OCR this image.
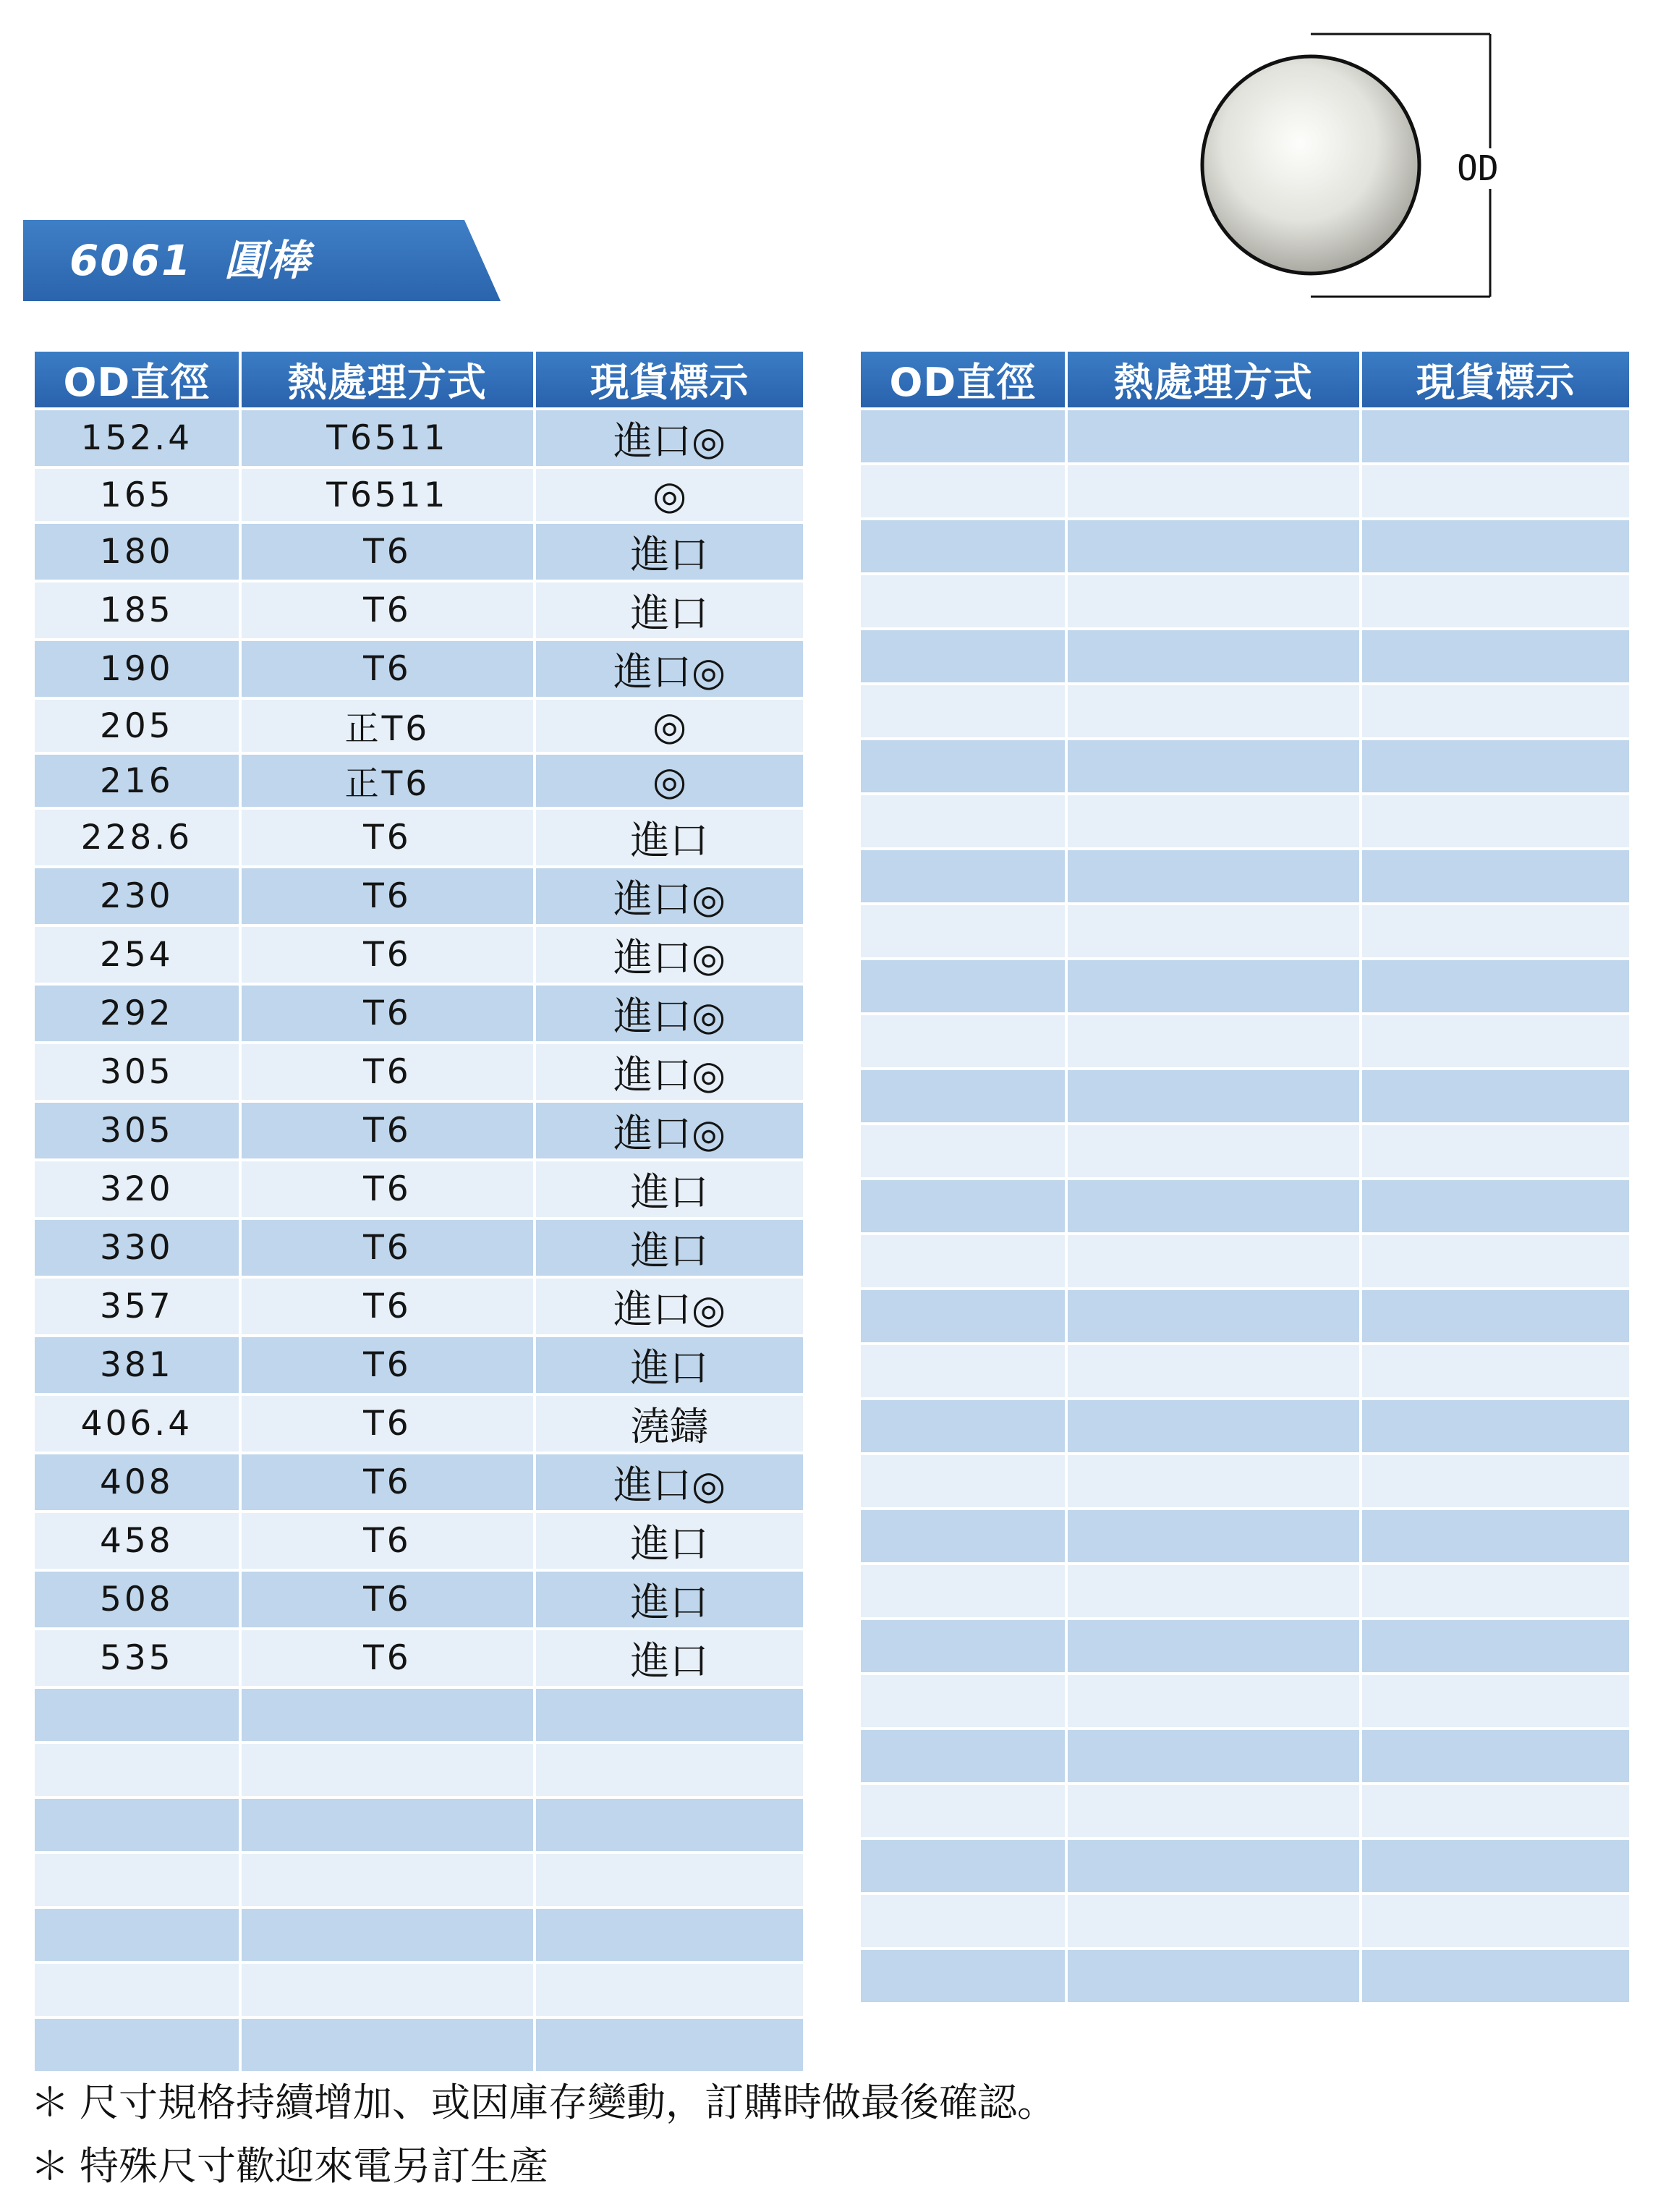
6061  圓棒
OD
OD直徑	熱處理方式	現貨標示
152.4	T6511	進口◎
165	T6511	◎
180	T6	進口
185	T6	進口
190	T6	進口◎
205	正T6	◎
216	正T6	◎
228.6	T6	進口
230	T6	進口◎
254	T6	進口◎
292	T6	進口◎
305	T6	進口◎
305	T6	進口◎
320	T6	進口
330	T6	進口
357	T6	進口◎
381	T6	進口
406.4	T6	澆鑄
408	T6	進口◎
458	T6	進口
508	T6	進口
535	T6	進口

OD直徑	熱處理方式	現貨標示

＊ 尺寸規格持續增加、或因庫存變動，訂購時做最後確認。
＊ 特殊尺寸歡迎來電另訂生產
